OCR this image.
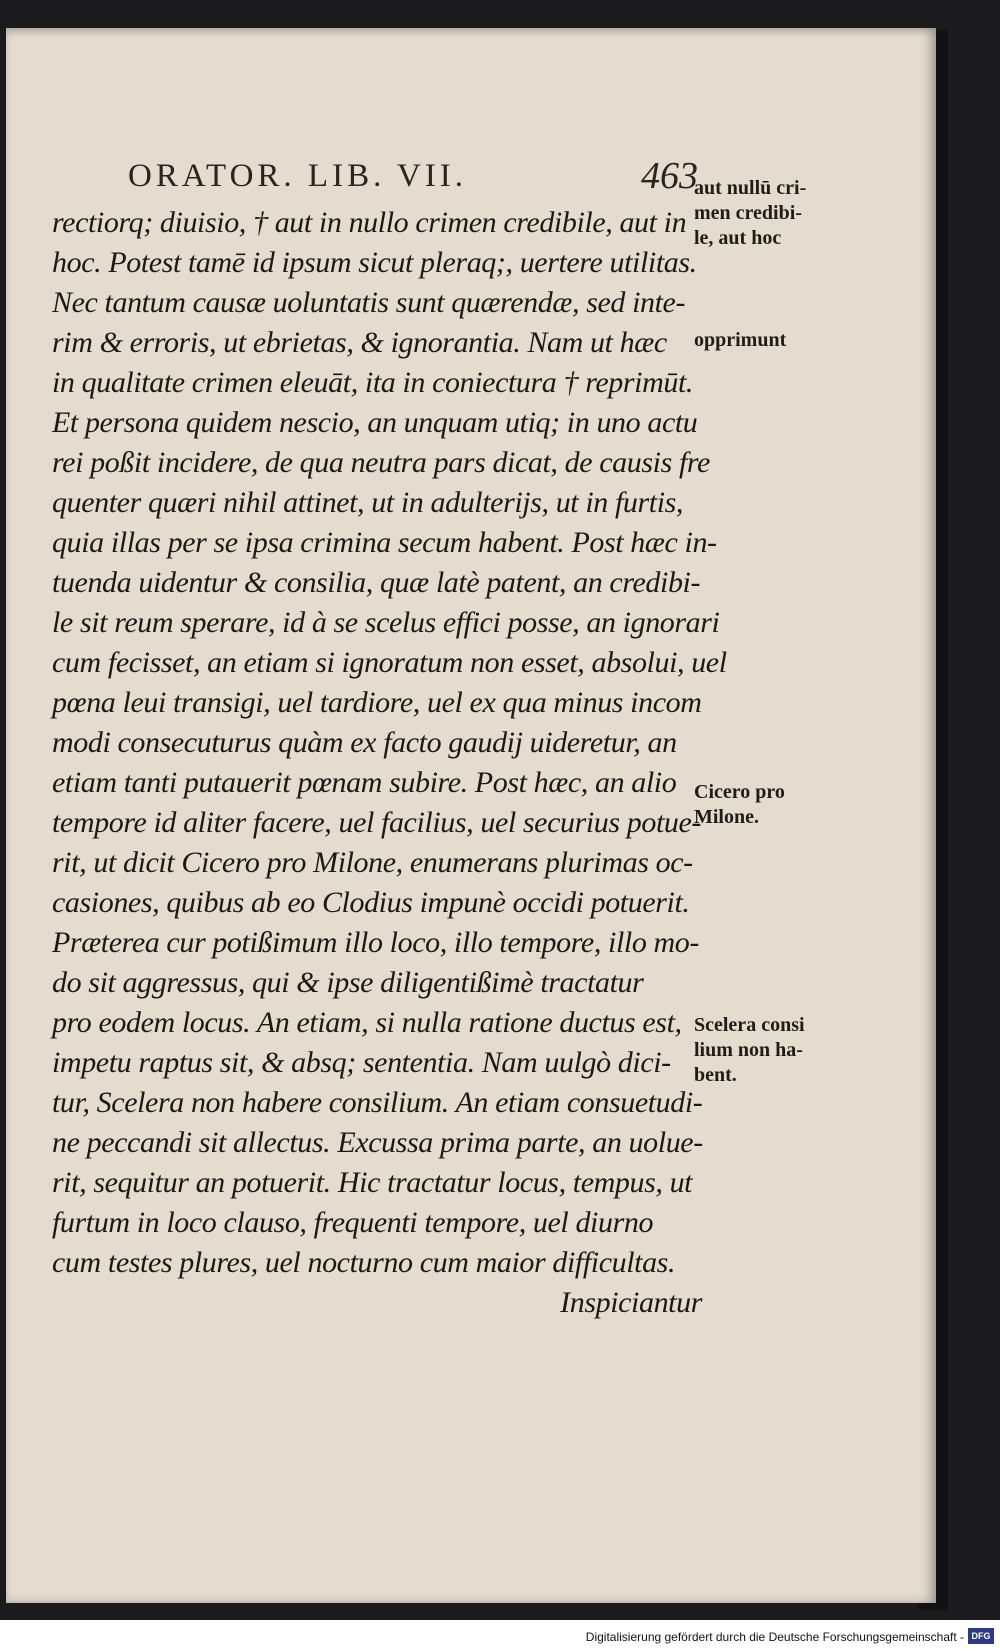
ORATOR. LIB. VII.	463
rectiorq; diuisio, † aut in nullo crimen credibile, aut in
hoc. Potest tamē id ipsum sicut pleraq;, uertere utilitas.
Nec tantum causæ uoluntatis sunt quærendæ, sed inte-
rim & erroris, ut ebrietas, & ignorantia. Nam ut hæc
in qualitate crimen eleuāt, ita in coniectura † reprimūt.
Et persona quidem nescio, an unquam utiq; in uno actu
rei poßit incidere, de qua neutra pars dicat, de causis fre
quenter quæri nihil attinet, ut in adulterijs, ut in furtis,
quia illas per se ipsa crimina secum habent. Post hæc in-
tuenda uidentur & consilia, quæ latè patent, an credibi-
le sit reum sperare, id à se scelus effici posse, an ignorari
cum fecisset, an etiam si ignoratum non esset, absolui, uel
pœna leui transigi, uel tardiore, uel ex qua minus incom
modi consecuturus quàm ex facto gaudij uideretur, an
etiam tanti putauerit pœnam subire. Post hæc, an alio
tempore id aliter facere, uel facilius, uel securius potue-
rit, ut dicit Cicero pro Milone, enumerans plurimas oc-
casiones, quibus ab eo Clodius impunè occidi potuerit.
Præterea cur potißimum illo loco, illo tempore, illo mo-
do sit aggressus, qui & ipse diligentißimè tractatur
pro eodem locus. An etiam, si nulla ratione ductus est,
impetu raptus sit, & absq; sententia. Nam uulgò dici-
tur, Scelera non habere consilium. An etiam consuetudi-
ne peccandi sit allectus. Excussa prima parte, an uolue-
rit, sequitur an potuerit. Hic tractatur locus, tempus, ut
furtum in loco clauso, frequenti tempore, uel diurno
cum testes plures, uel nocturno cum maior difficultas.
Inspiciantur
aut nullū cri-
men credibi-
le, aut hoc
opprimunt
Cicero pro
Milone.
Scelera consi
lium non ha-
bent.
Digitalisierung gefördert durch die Deutsche Forschungsgemeinschaft - DFG
